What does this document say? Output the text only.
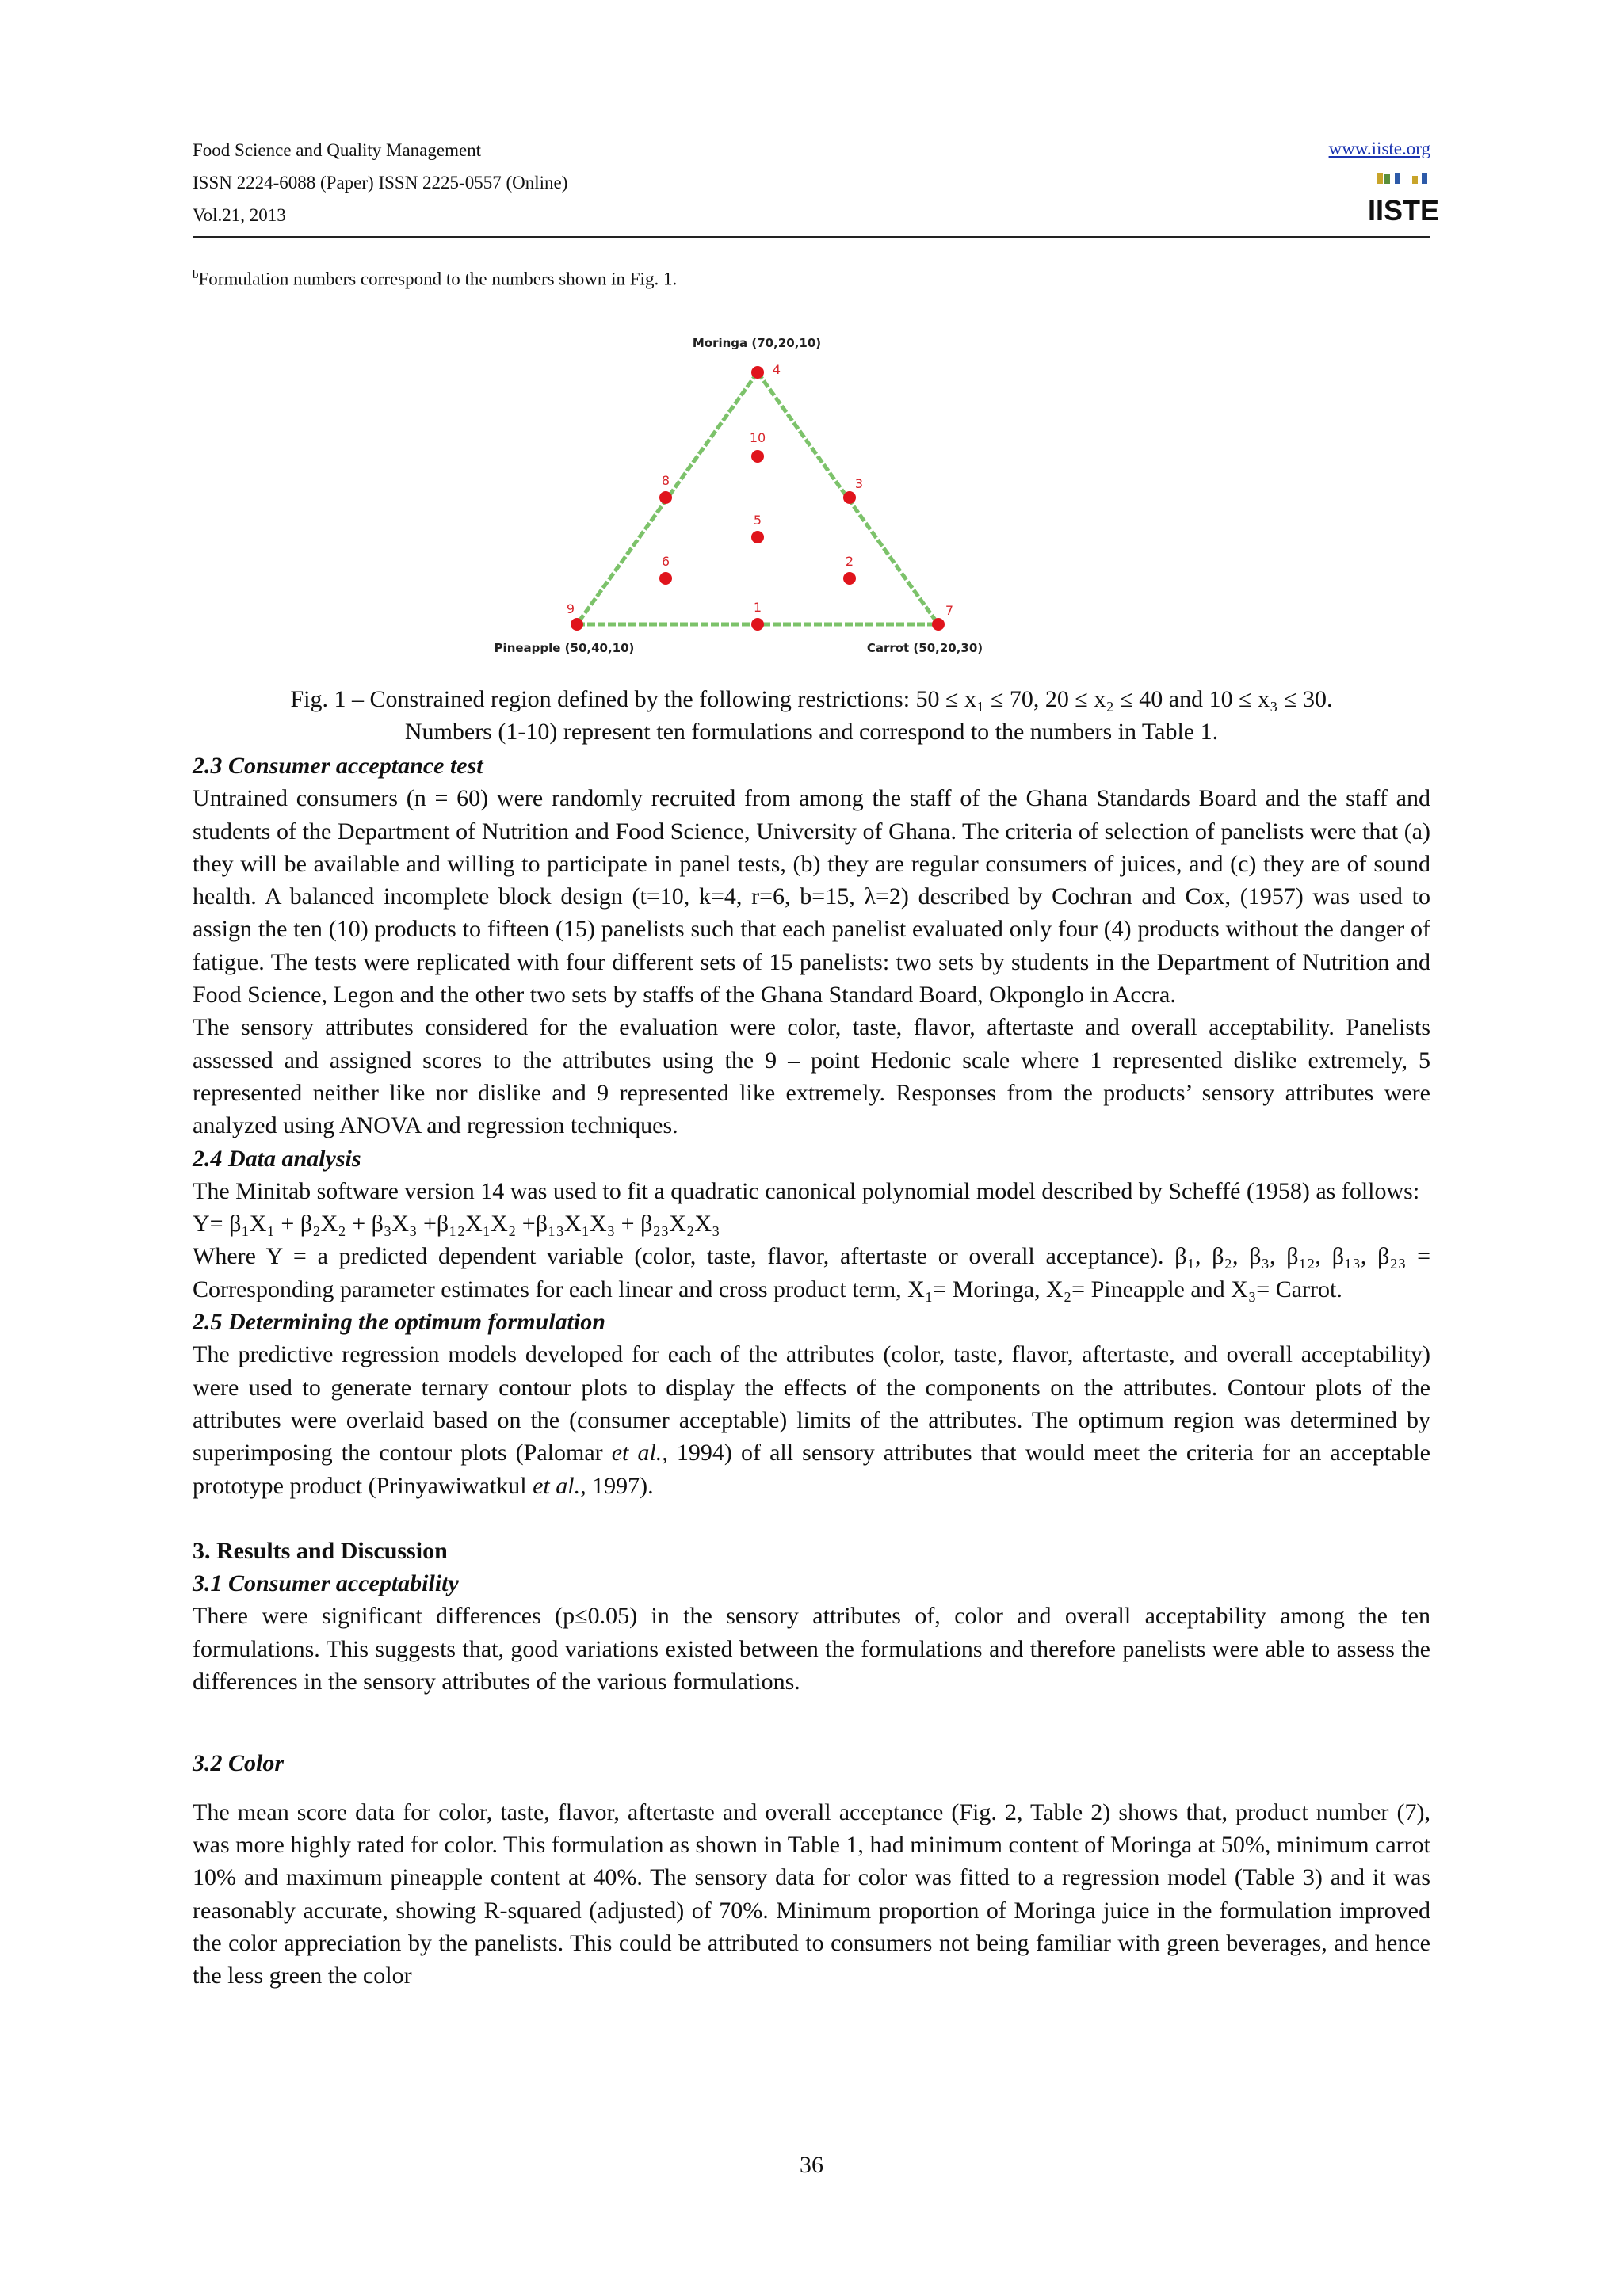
Food Science and Quality Management
ISSN 2224-6088 (Paper) ISSN 2225-0557 (Online)
Vol.21, 2013
www.iiste.org
IISTE
$^b$Formulation numbers correspond to the numbers shown in Fig. 1.
1
2
3
4
5
6
7
8
9
10
Moringa (70,20,10)
Pineapple (50,40,10)	Carrot (50,20,30)
Fig. 1 – Constrained region defined by the following restrictions: 50 ≤ x₁ ≤ 70, 20 ≤ x₂ ≤ 40 and 10 ≤ x₃ ≤ 30.
Numbers (1-10) represent ten formulations and correspond to the numbers in Table 1.

2.3 Consumer acceptance test

Untrained consumers (n = 60) were randomly recruited from among the staff of the Ghana Standards Board and the staff and students of the Department of Nutrition and Food Science, University of Ghana. The criteria of selection of panelists were that (a) they will be available and willing to participate in panel tests, (b) they are regular consumers of juices, and (c) they are of sound health. A balanced incomplete block design (t=10, k=4, r=6, b=15, λ=2) described by Cochran and Cox, (1957) was used to assign the ten (10) products to fifteen (15) panelists such that each panelist evaluated only four (4) products without the danger of fatigue. The tests were replicated with four different sets of 15 panelists: two sets by students in the Department of Nutrition and Food Science, Legon and the other two sets by staffs of the Ghana Standard Board, Okponglo in Accra.

The sensory attributes considered for the evaluation were color, taste, flavor, aftertaste and overall acceptability. Panelists assessed and assigned scores to the attributes using the 9 – point Hedonic scale where 1 represented dislike extremely, 5 represented neither like nor dislike and 9 represented like extremely. Responses from the products’ sensory attributes were analyzed using ANOVA and regression techniques.

2.4 Data analysis

The Minitab software version 14 was used to fit a quadratic canonical polynomial model described by Scheffé (1958) as follows:

Y= β₁X₁ + β₂X₂ + β₃X₃ +β₁₂X₁X₂ +β₁₃X₁X₃ + β₂₃X₂X₃

Where Y = a predicted dependent variable (color, taste, flavor, aftertaste or overall acceptance). β₁, β₂, β₃, β₁₂, β₁₃, β₂₃ = Corresponding parameter estimates for each linear and cross product term, X₁= Moringa, X₂= Pineapple and X₃= Carrot.

2.5 Determining the optimum formulation

The predictive regression models developed for each of the attributes (color, taste, flavor, aftertaste, and overall acceptability) were used to generate ternary contour plots to display the effects of the components on the attributes. Contour plots of the attributes were overlaid based on the (consumer acceptable) limits of the attributes. The optimum region was determined by superimposing the contour plots (Palomar et al., 1994) of all sensory attributes that would meet the criteria for an acceptable prototype product (Prinyawiwatkul et al., 1997).

3. Results and Discussion

3.1 Consumer acceptability

There were significant differences (p≤0.05) in the sensory attributes of, color and overall acceptability among the ten formulations. This suggests that, good variations existed between the formulations and therefore panelists were able to assess the differences in the sensory attributes of the various formulations.

3.2 Color

The mean score data for color, taste, flavor, aftertaste and overall acceptance (Fig. 2, Table 2) shows that, product number (7), was more highly rated for color. This formulation as shown in Table 1, had minimum content of Moringa at 50%, minimum carrot 10% and maximum pineapple content at 40%. The sensory data for color was fitted to a regression model (Table 3) and it was reasonably accurate, showing R-squared (adjusted) of 70%. Minimum proportion of Moringa juice in the formulation improved the color appreciation by the panelists. This could be attributed to consumers not being familiar with green beverages, and hence the less green the color

36
